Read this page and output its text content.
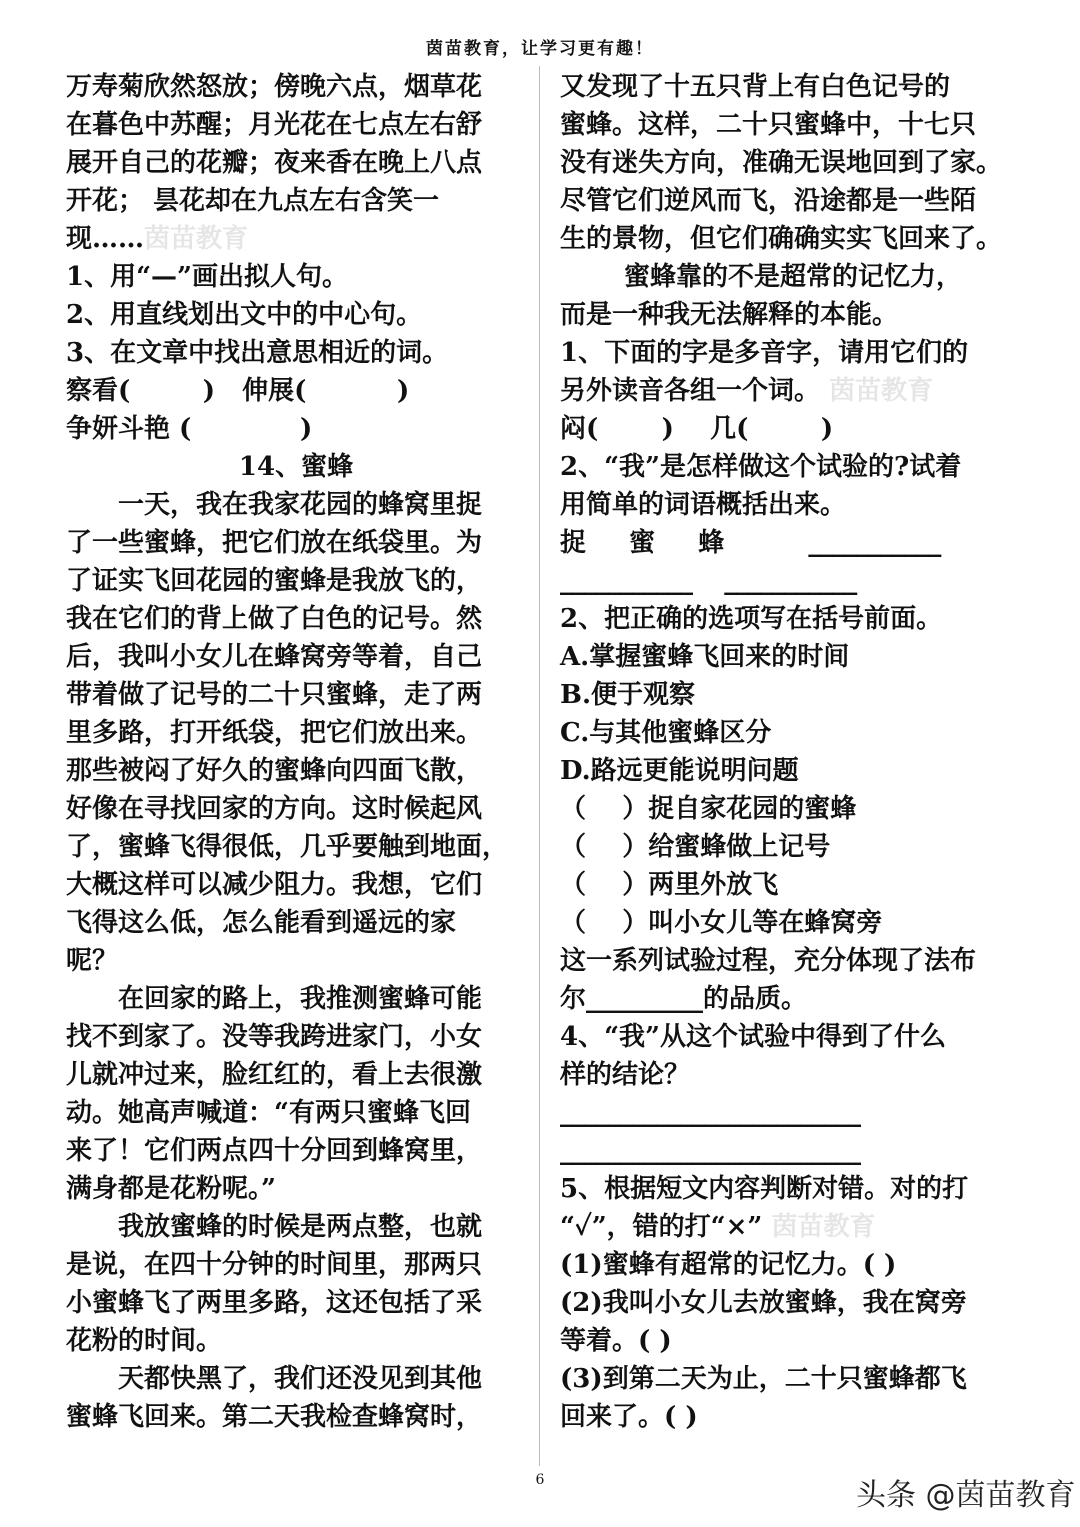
茵苗教育，让学习更有趣！
万寿菊欣然怒放；傍晚六点，烟草花
在暮色中苏醒；月光花在七点左右舒
展开自己的花瓣；夜来香在晚上八点
开花； 昙花却在九点左右含笑一
现……茵苗教育
1、用“—”画出拟人句。
2、用直线划出文中的中心句。
3、在文章中找出意思相近的词。
察看(        )   伸展(          )
争妍斗艳 (            )
14、蜜蜂
一天，我在我家花园的蜂窝里捉
了一些蜜蜂，把它们放在纸袋里。为
了证实飞回花园的蜜蜂是我放飞的，
我在它们的背上做了白色的记号。然
后，我叫小女儿在蜂窝旁等着，自己
带着做了记号的二十只蜜蜂，走了两
里多路，打开纸袋，把它们放出来。
那些被闷了好久的蜜蜂向四面飞散，
好像在寻找回家的方向。这时候起风
了，蜜蜂飞得很低，几乎要触到地面，
大概这样可以减少阻力。我想，它们
飞得这么低，怎么能看到遥远的家
呢？
在回家的路上，我推测蜜蜂可能
找不到家了。没等我跨进家门，小女
儿就冲过来，脸红红的，看上去很激
动。她高声喊道：“有两只蜜蜂飞回
来了！它们两点四十分回到蜂窝里，
满身都是花粉呢。”
我放蜜蜂的时候是两点整，也就
是说，在四十分钟的时间里，那两只
小蜜蜂飞了两里多路，这还包括了采
花粉的时间。
天都快黑了，我们还没见到其他
蜜蜂飞回来。第二天我检查蜂窝时，
又发现了十五只背上有白色记号的
蜜蜂。这样，二十只蜜蜂中，十七只
没有迷失方向，准确无误地回到了家。
尽管它们逆风而飞，沿途都是一些陌
生的景物，但它们确确实实飞回来了。
蜜蜂靠的不是超常的记忆力，
而是一种我无法解释的本能。
1、下面的字是多音字，请用它们的
另外读音各组一个词。 茵苗教育
闷(       )    几(        )
2、“我”是怎样做这个试验的?试着
用简单的词语概括出来。
捉   蜜   蜂	___________
___________    ___________
2、把正确的选项写在括号前面。
A.掌握蜜蜂飞回来的时间
B.便于观察
C.与其他蜜蜂区分
D.路远更能说明问题
（    ）捉自家花园的蜜蜂
（    ）给蜜蜂做上记号
（    ）两里外放飞
（    ）叫小女儿等在蜂窝旁
这一系列试验过程，充分体现了法布
尔_________的品质。
4、“我”从这个试验中得到了什么
样的结论？
_________________________
_________________________
5、根据短文内容判断对错。对的打
“✓”，错的打“×” 茵苗教育
(1)蜜蜂有超常的记忆力。( )
(2)我叫小女儿去放蜜蜂，我在窝旁
等着。( )
(3)到第二天为止，二十只蜜蜂都飞
回来了。( )
6	头条 @茵苗教育
